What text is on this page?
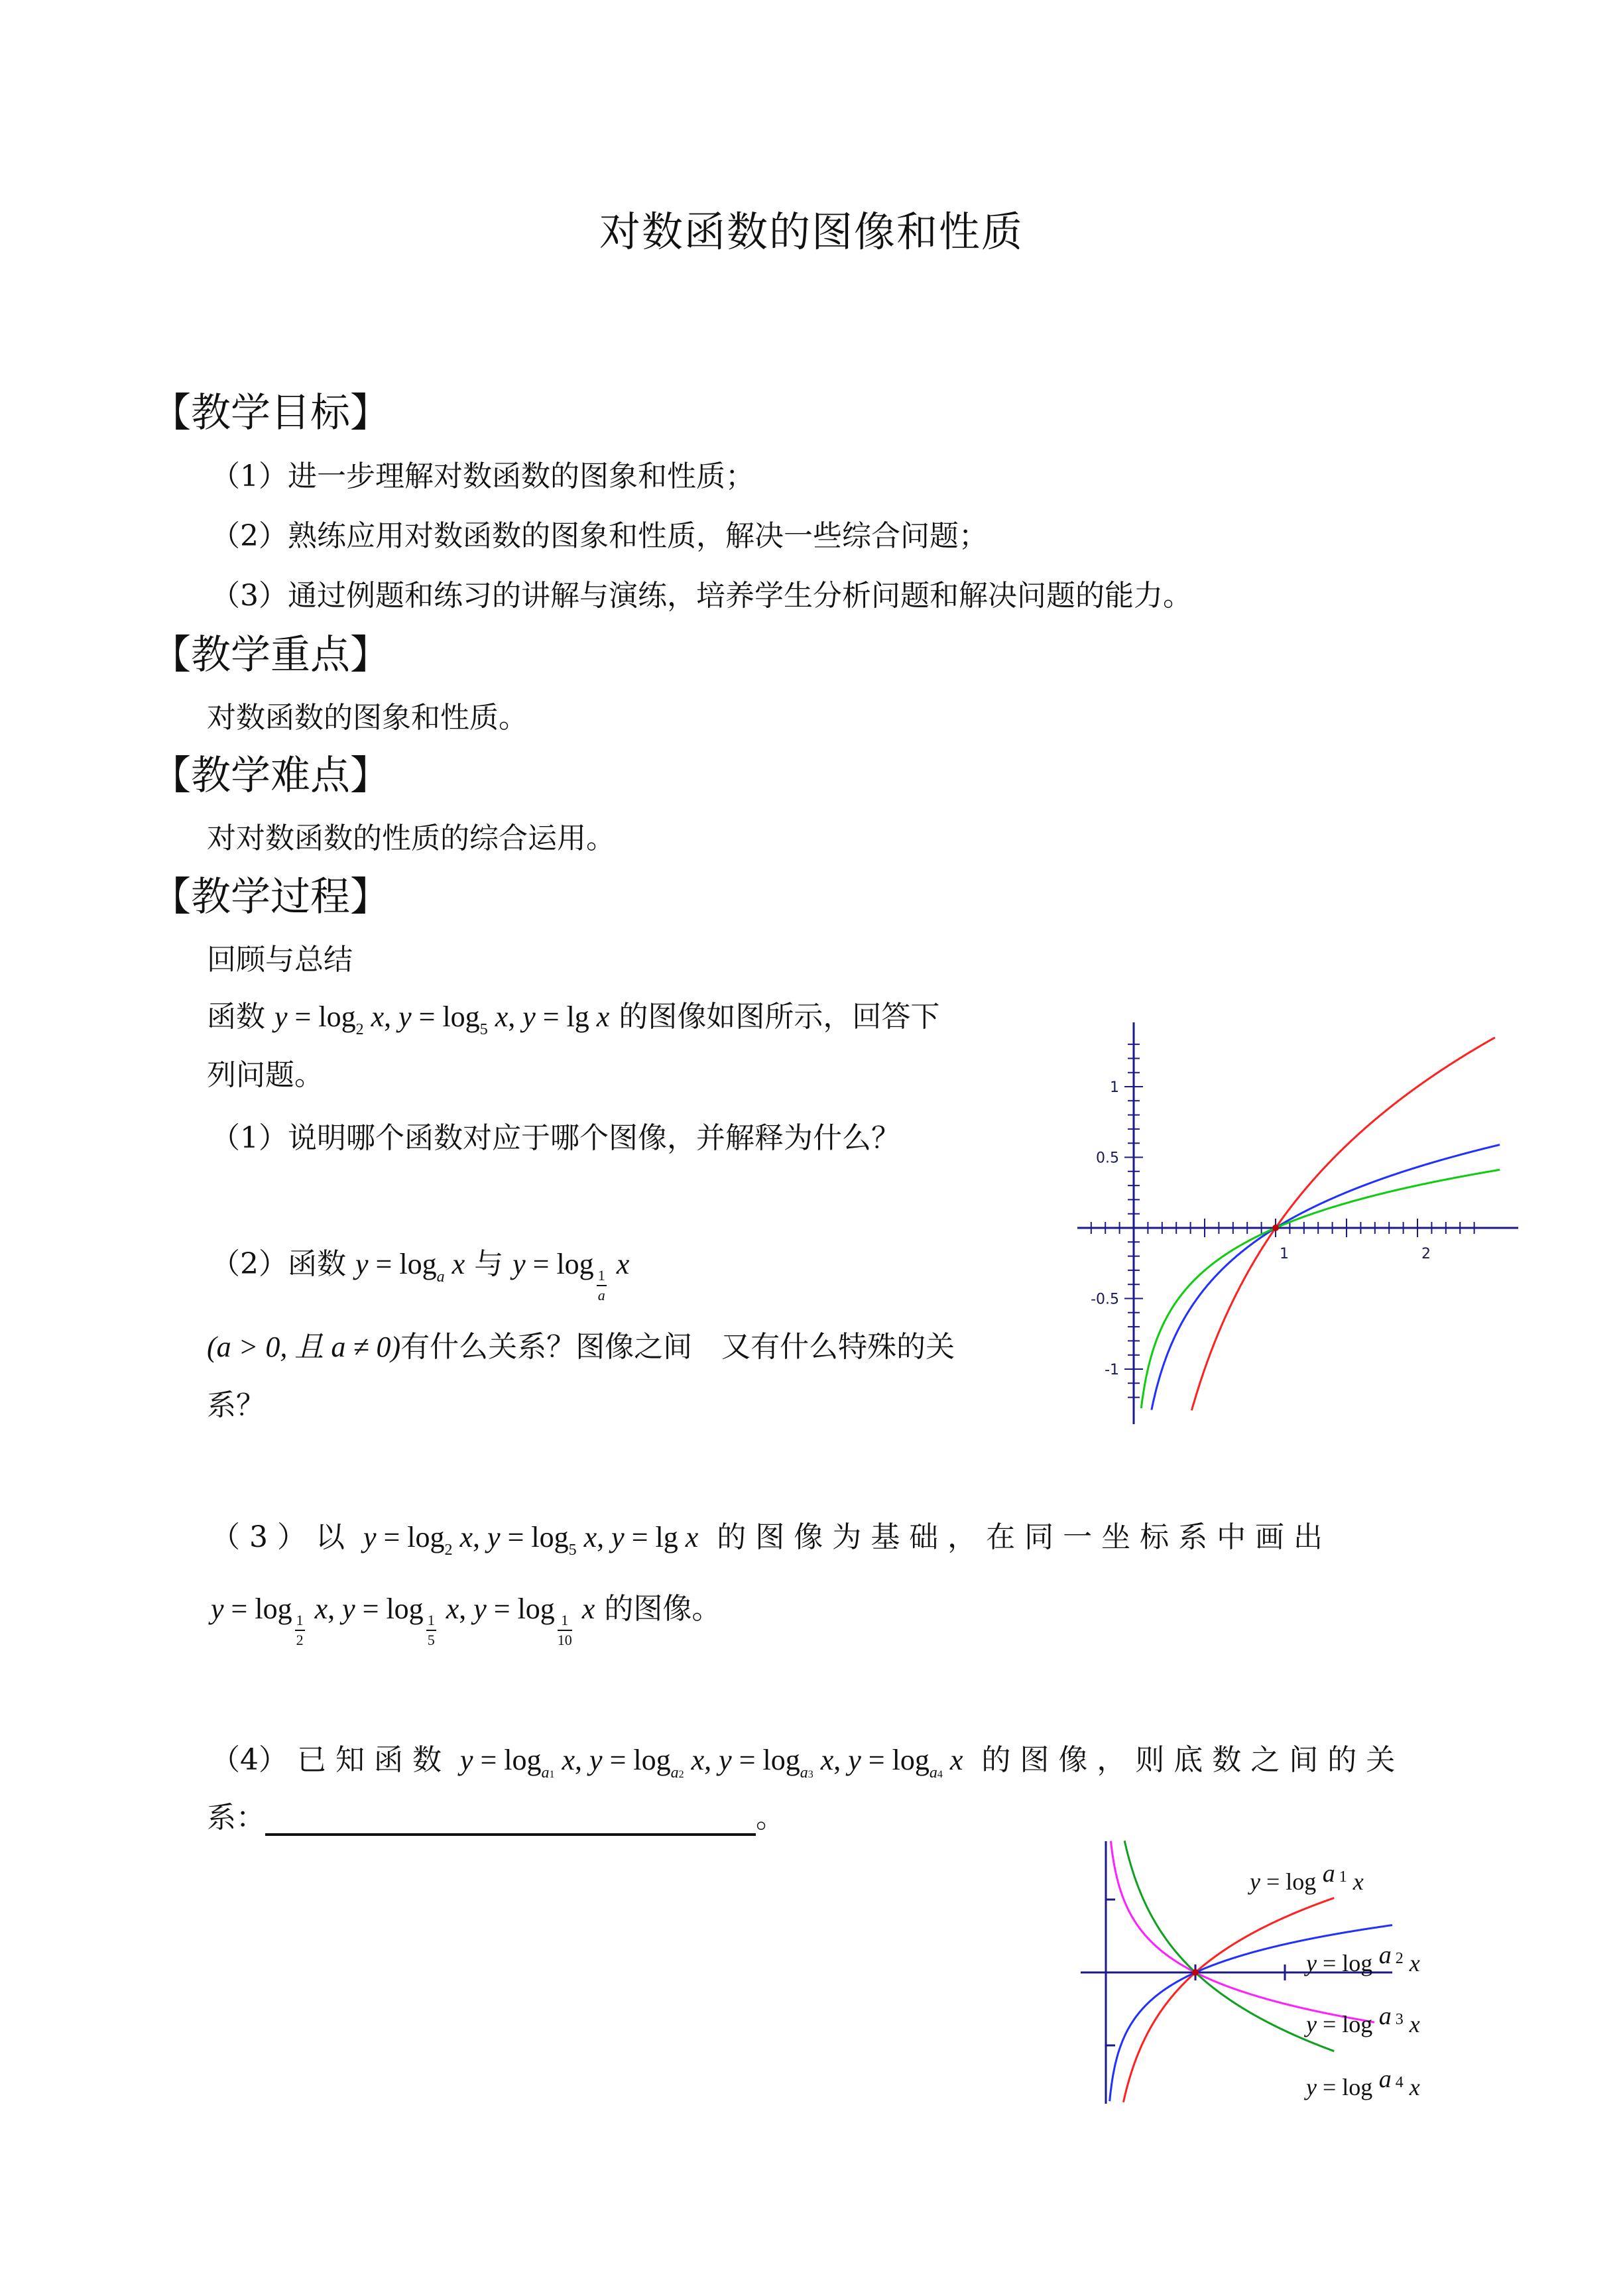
对数函数的图像和性质
【教学目标】
（1）进一步理解对数函数的图象和性质；
（2）熟练应用对数函数的图象和性质，解决一些综合问题；
（3）通过例题和练习的讲解与演练，培养学生分析问题和解决问题的能力。
【教学重点】
对数函数的图象和性质。
【教学难点】
对对数函数的性质的综合运用。
【教学过程】
回顾与总结
函数 $y = \log_2 x$, $y = \log_5 x$, y = lg x 的图像如图所示，回答下
列问题。
（1）说明哪个函数对应于哪个图像，并解释为什么？
（2）函数 $y = \log_a x$ 与 y = log
$\frac{1}{a}$
x
(a > 0, 且 a ≠ 0)有什么关系？图像之间　又有什么特殊的关
系？
（ 3 ） 以 $y = \log_2 x$, $y = \log_5 x$, y = lg x 的 图 像 为 基 础 ， 在 同 一 坐 标 系 中 画 出
y = log
$\frac{1}{2}$
x, y = log
$\frac{1}{5}$
x, y = log
$\frac{1}{10}$
x 的图像。
（4） 已 知 函 数 $y = \log_{a1} x$, $y = \log_{a2} x$, $y = \log_{a3} x$, $y = \log_{a4} x$ 的 图 像 ， 则 底 数 之 间 的 关
系：	。
1	2
1
0.5
-0.5
-1
y = log a 1 x
y = log a 2 x
y = log a 3 x
y = log a 4 x
